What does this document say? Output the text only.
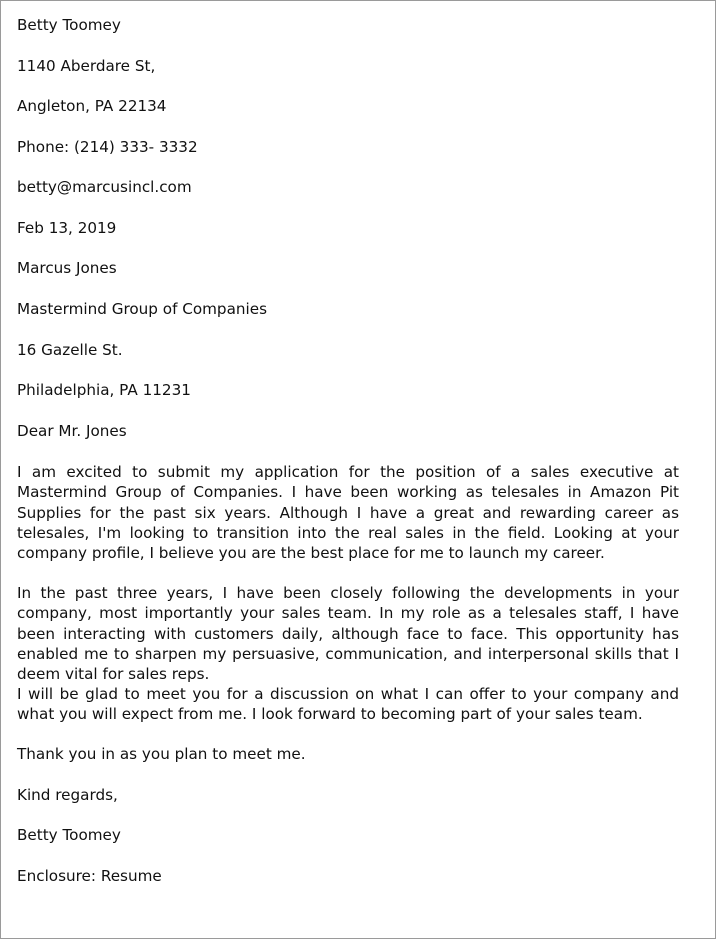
Betty Toomey
1140 Aberdare St,
Angleton, PA 22134
Phone: (214) 333- 3332
betty@marcusincl.com
Feb 13, 2019
Marcus Jones
Mastermind Group of Companies
16 Gazelle St.
Philadelphia, PA 11231
Dear Mr. Jones
I am excited to submit my application for the position of a sales executive at Mastermind Group of Companies. I have been working as telesales in Amazon Pit Supplies for the past six years. Although I have a great and rewarding career as telesales, I'm looking to transition into the real sales in the field. Looking at your company profile, I believe you are the best place for me to launch my career.
In the past three years, I have been closely following the developments in your company, most importantly your sales team. In my role as a telesales staff, I have been interacting with customers daily, although face to face. This opportunity has enabled me to sharpen my persuasive, communication, and interpersonal skills that I deem vital for sales reps.
I will be glad to meet you for a discussion on what I can offer to your company and what you will expect from me. I look forward to becoming part of your sales team.
Thank you in as you plan to meet me.
Kind regards,
Betty Toomey
Enclosure: Resume
